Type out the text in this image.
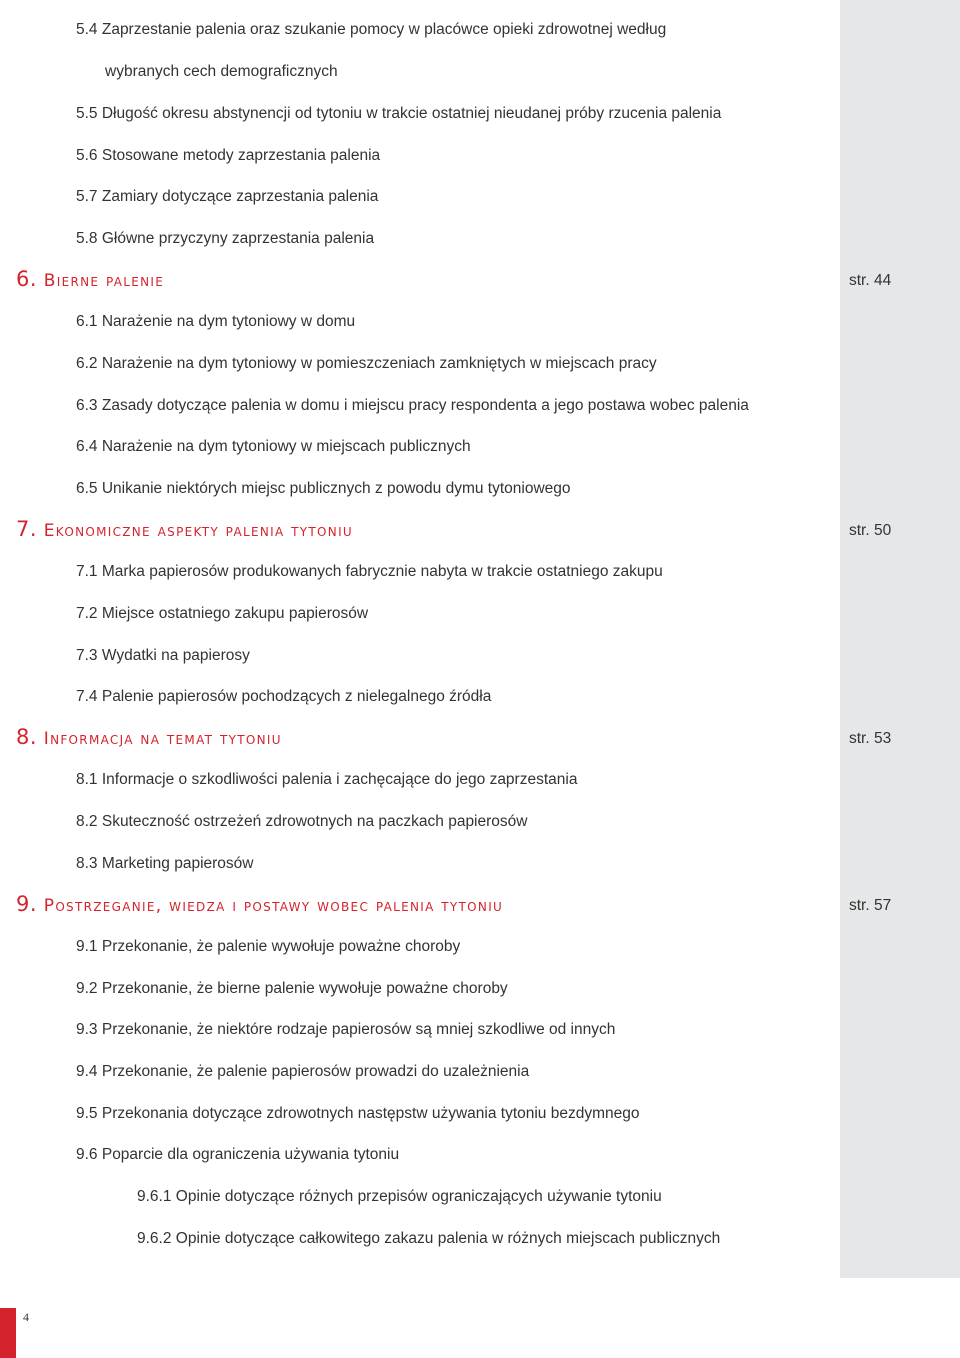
5.4 Zaprzestanie palenia oraz szukanie pomocy w placówce opieki zdrowotnej według
wybranych cech demograficznych
5.5 Długość okresu abstynencji od tytoniu w trakcie ostatniej nieudanej próby rzucenia palenia
5.6 Stosowane metody zaprzestania palenia
5.7 Zamiary dotyczące zaprzestania palenia
5.8 Główne przyczyny zaprzestania palenia
6. Bierne palenie	str. 44
6.1 Narażenie na dym tytoniowy w domu
6.2 Narażenie na dym tytoniowy w pomieszczeniach zamkniętych w miejscach pracy
6.3 Zasady dotyczące palenia w domu i miejscu pracy respondenta a jego postawa wobec palenia
6.4 Narażenie na dym tytoniowy w miejscach publicznych
6.5 Unikanie niektórych miejsc publicznych z powodu dymu tytoniowego
7. Ekonomiczne aspekty palenia tytoniu	str. 50
7.1 Marka papierosów produkowanych fabrycznie nabyta w trakcie ostatniego zakupu
7.2 Miejsce ostatniego zakupu papierosów
7.3 Wydatki na papierosy
7.4 Palenie papierosów pochodzących z nielegalnego źródła
8. Informacja na temat tytoniu	str. 53
8.1 Informacje o szkodliwości palenia i zachęcające do jego zaprzestania
8.2 Skuteczność ostrzeżeń zdrowotnych na paczkach papierosów
8.3 Marketing papierosów
9. Postrzeganie, wiedza i postawy wobec palenia tytoniu	str. 57
9.1 Przekonanie, że palenie wywołuje poważne choroby
9.2 Przekonanie, że bierne palenie wywołuje poważne choroby
9.3 Przekonanie, że niektóre rodzaje papierosów są mniej szkodliwe od innych
9.4 Przekonanie, że palenie papierosów prowadzi do uzależnienia
9.5 Przekonania dotyczące zdrowotnych następstw używania tytoniu bezdymnego
9.6 Poparcie dla ograniczenia używania tytoniu
9.6.1 Opinie dotyczące różnych przepisów ograniczających używanie tytoniu
9.6.2 Opinie dotyczące całkowitego zakazu palenia w różnych miejscach publicznych
4
